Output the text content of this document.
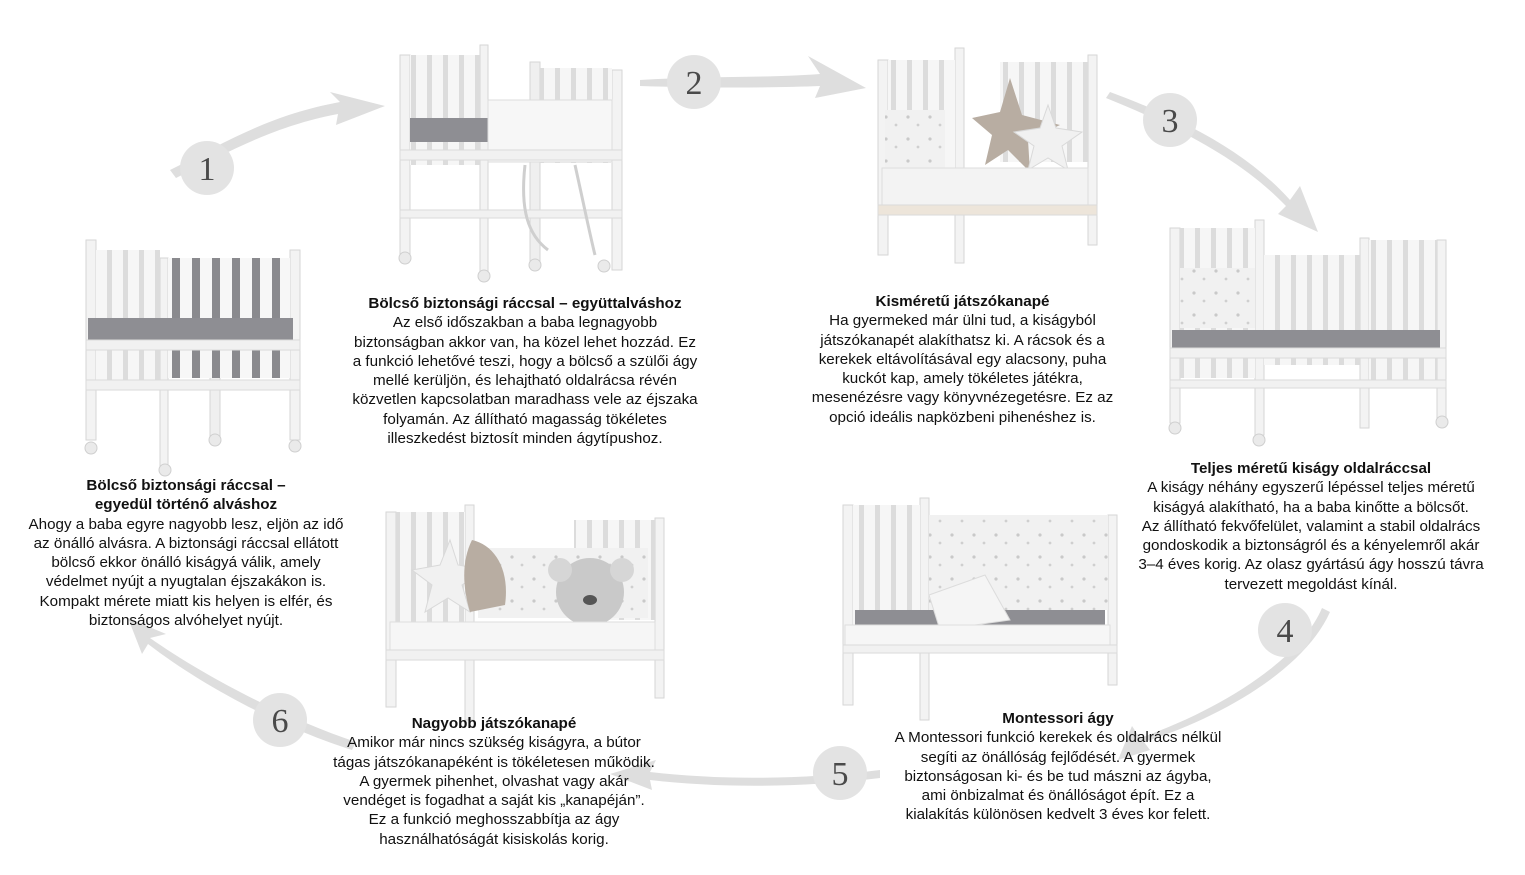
1
2
3
4
5
6
Bölcső biztonsági ráccsal –
egyedül történő alváshoz
Ahogy a baba egyre nagyobb lesz, eljön az idő
az önálló alvásra. A biztonsági ráccsal ellátott
bölcső ekkor önálló kiságyá válik, amely
védelmet nyújt a nyugtalan éjszakákon is.
Kompakt mérete miatt kis helyen is elfér, és
biztonságos alvóhelyet nyújt.
Bölcső biztonsági ráccsal – együttalváshoz
Az első időszakban a baba legnagyobb
biztonságban akkor van, ha közel lehet hozzád. Ez
a funkció lehetővé teszi, hogy a bölcső a szülői ágy
mellé kerüljön, és lehajtható oldalrácsa révén
közvetlen kapcsolatban maradhass vele az éjszaka
folyamán. Az állítható magasság tökéletes
illeszkedést biztosít minden ágytípushoz.
Kisméretű játszókanapé
Ha gyermeked már ülni tud, a kiságyból
játszókanapét alakíthatsz ki. A rácsok és a
kerekek eltávolításával egy alacsony, puha
kuckót kap, amely tökéletes játékra,
mesenézésre vagy könyvnézegetésre. Ez az
opció ideális napközbeni pihenéshez is.
Teljes méretű kiságy oldalráccsal
A kiságy néhány egyszerű lépéssel teljes méretű
kiságyá alakítható, ha a baba kinőtte a bölcsőt.
Az állítható fekvőfelület, valamint a stabil oldalrács
gondoskodik a biztonságról és a kényelemről akár
3–4 éves korig. Az olasz gyártású ágy hosszú távra
tervezett megoldást kínál.
Montessori ágy
A Montessori funkció kerekek és oldalrács nélkül
segíti az önállóság fejlődését. A gyermek
biztonságosan ki- és be tud mászni az ágyba,
ami önbizalmat és önállóságot épít. Ez a
kialakítás különösen kedvelt 3 éves kor felett.
Nagyobb játszókanapé
Amikor már nincs szükség kiságyra, a bútor
tágas játszókanapéként is tökéletesen működik.
A gyermek pihenhet, olvashat vagy akár
vendéget is fogadhat a saját kis „kanapéján”.
Ez a funkció meghosszabbítja az ágy
használhatóságát kisiskolás korig.
